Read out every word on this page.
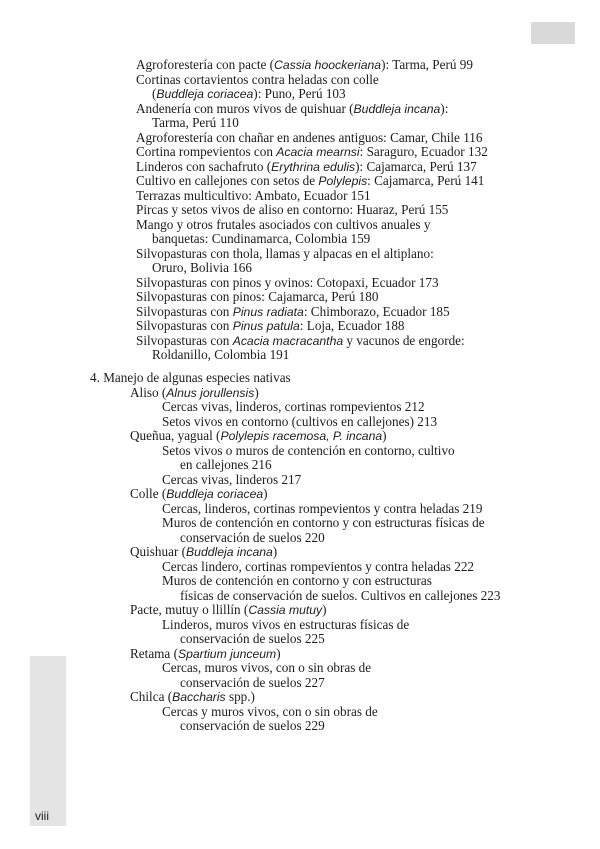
Agroforestería con pacte (Cassia hoockeriana): Tarma, Perú 99
Cortinas cortavientos contra heladas con colle
(Buddleja coriacea): Puno, Perú 103
Andenería con muros vivos de quishuar (Buddleja incana):
Tarma, Perú 110
Agroforestería con chañar en andenes antiguos: Camar, Chile 116
Cortina rompevientos con Acacia mearnsi: Saraguro, Ecuador 132
Linderos con sachafruto (Erythrina edulis): Cajamarca, Perú 137
Cultivo en callejones con setos de Polylepis: Cajamarca, Perú 141
Terrazas multicultivo: Ambato, Ecuador 151
Pircas y setos vivos de aliso en contorno: Huaraz, Perú 155
Mango y otros frutales asociados con cultivos anuales y
banquetas: Cundinamarca, Colombia 159
Silvopasturas con thola, llamas y alpacas en el altiplano:
Oruro, Bolivia 166
Silvopasturas con pinos y ovinos: Cotopaxi, Ecuador 173
Silvopasturas con pinos: Cajamarca, Perú 180
Silvopasturas con Pinus radiata: Chimborazo, Ecuador 185
Silvopasturas con Pinus patula: Loja, Ecuador 188
Silvopasturas con Acacia macracantha y vacunos de engorde:
Roldanillo, Colombia 191
4. Manejo de algunas especies nativas
Aliso (Alnus jorullensis)
Cercas vivas, linderos, cortinas rompevientos 212
Setos vivos en contorno (cultivos en callejones) 213
Queñua, yagual (Polylepis racemosa, P. incana)
Setos vivos o muros de contención en contorno, cultivo
en callejones 216
Cercas vivas, linderos 217
Colle (Buddleja coriacea)
Cercas, linderos, cortinas rompevientos y contra heladas 219
Muros de contención en contorno y con estructuras físicas de
conservación de suelos 220
Quishuar (Buddleja incana)
Cercas lindero, cortinas rompevientos y contra heladas 222
Muros de contención en contorno y con estructuras
físicas de conservación de suelos. Cultivos en callejones 223
Pacte, mutuy o llillín (Cassia mutuy)
Linderos, muros vivos en estructuras físicas de
conservación de suelos 225
Retama (Spartium junceum)
Cercas, muros vivos, con o sin obras de
conservación de suelos 227
Chilca (Baccharis spp.)
Cercas y muros vivos, con o sin obras de
conservación de suelos 229
viii
